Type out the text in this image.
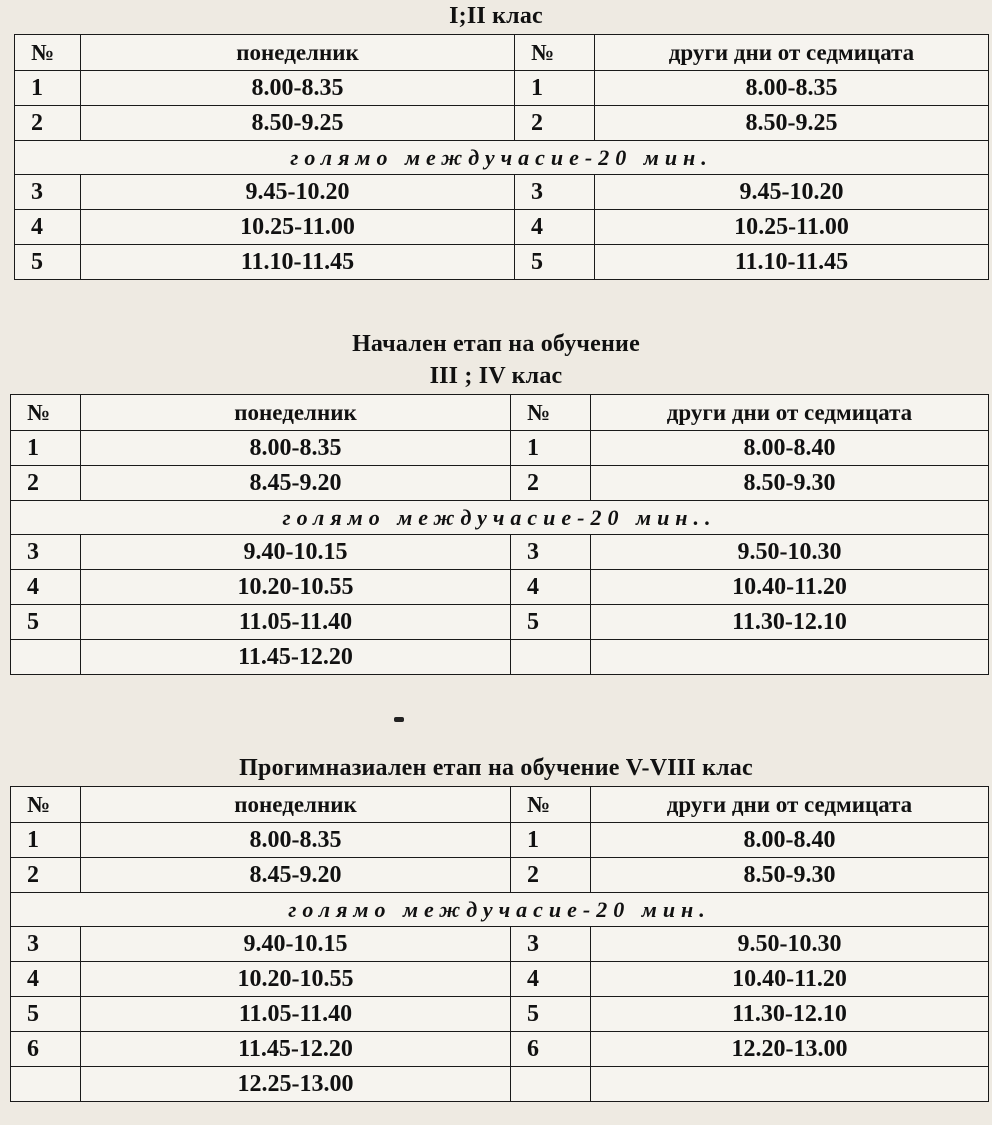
I;II клас
№	понеделник	№	други дни от седмицата
1	8.00-8.35	1	8.00-8.35
2	8.50-9.25	2	8.50-9.25
голямо междучасие-20 мин.			
3	9.45-10.20	3	9.45-10.20
4	10.25-11.00	4	10.25-11.00
5	11.10-11.45	5	11.10-11.45
Начален етап на обучение
III ; IV клас
№	понеделник	№	други дни от седмицата
1	8.00-8.35	1	8.00-8.40
2	8.45-9.20	2	8.50-9.30
голямо междучасие-20 мин..			
3	9.40-10.15	3	9.50-10.30
4	10.20-10.55	4	10.40-11.20
5	11.05-11.40	5	11.30-12.10
	11.45-12.20		
Прогимназиален етап на обучение V-VIII клас
№	понеделник	№	други дни от седмицата
1	8.00-8.35	1	8.00-8.40
2	8.45-9.20	2	8.50-9.30
голямо междучасие-20 мин.			
3	9.40-10.15	3	9.50-10.30
4	10.20-10.55	4	10.40-11.20
5	11.05-11.40	5	11.30-12.10
6	11.45-12.20	6	12.20-13.00
	12.25-13.00		
